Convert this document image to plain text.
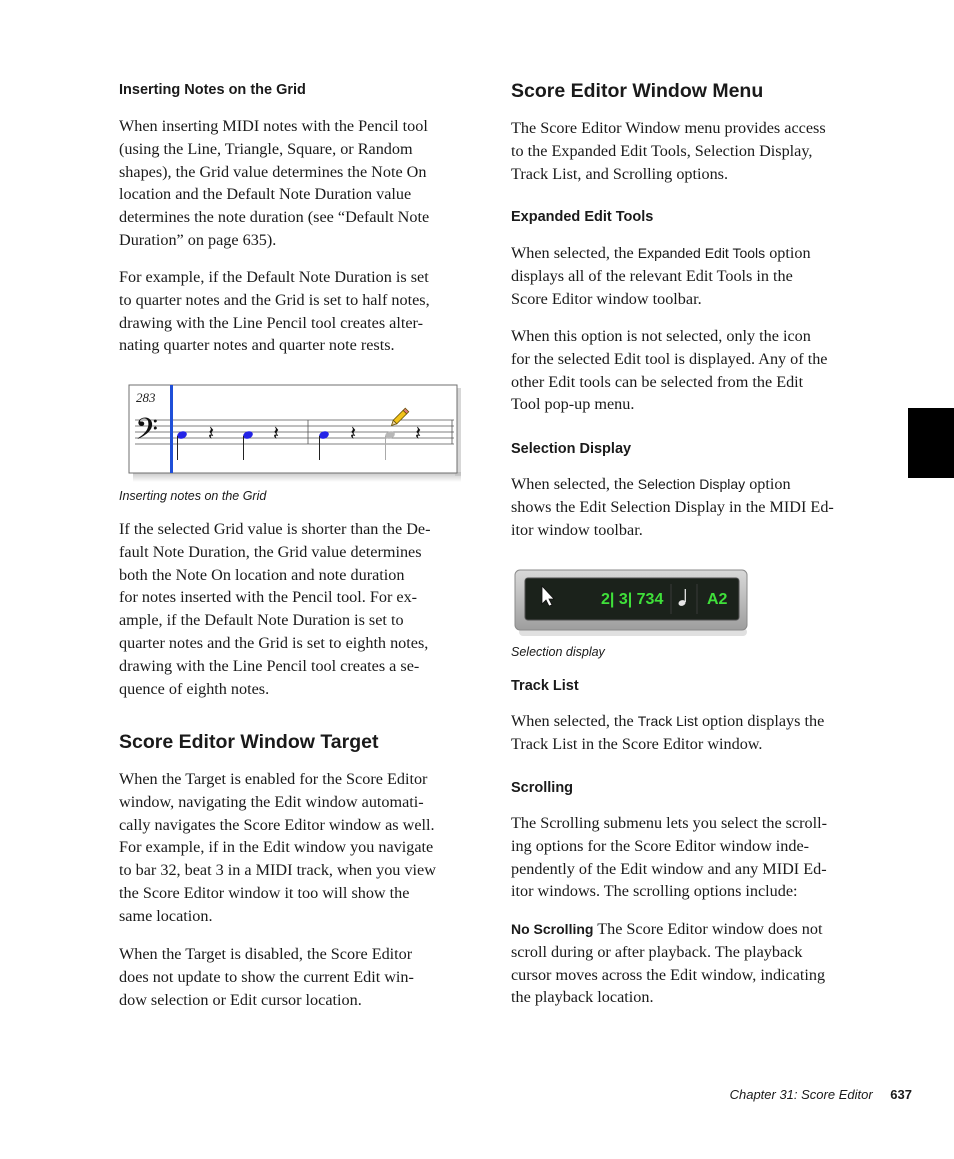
Inserting Notes on the Grid

When inserting MIDI notes with the Pencil tool
(using the Line, Triangle, Square, or Random
shapes), the Grid value determines the Note On
location and the Default Note Duration value
determines the note duration (see “Default Note
Duration” on page 635).

For example, if the Default Note Duration is set
to quarter notes and the Grid is set to half notes,
drawing with the Line Pencil tool creates alter-
nating quarter notes and quarter note rests.

283
𝄢 𝄽	𝄽	𝄽	𝄽

Inserting notes on the Grid

If the selected Grid value is shorter than the De-
fault Note Duration, the Grid value determines
both the Note On location and note duration
for notes inserted with the Pencil tool. For ex-
ample, if the Default Note Duration is set to
quarter notes and the Grid is set to eighth notes,
drawing with the Line Pencil tool creates a se-
quence of eighth notes.

Score Editor Window Target

When the Target is enabled for the Score Editor
window, navigating the Edit window automati-
cally navigates the Score Editor window as well.
For example, if in the Edit window you navigate
to bar 32, beat 3 in a MIDI track, when you view
the Score Editor window it too will show the
same location.

When the Target is disabled, the Score Editor
does not update to show the current Edit win-
dow selection or Edit cursor location.

Score Editor Window Menu

The Score Editor Window menu provides access
to the Expanded Edit Tools, Selection Display,
Track List, and Scrolling options.

Expanded Edit Tools

When selected, the Expanded Edit Tools option
displays all of the relevant Edit Tools in the
Score Editor window toolbar.

When this option is not selected, only the icon
for the selected Edit tool is displayed. Any of the
other Edit tools can be selected from the Edit
Tool pop-up menu.

Selection Display

When selected, the Selection Display option
shows the Edit Selection Display in the MIDI Ed-
itor window toolbar.

2| 3| 734	A2

Selection display

Track List

When selected, the Track List option displays the
Track List in the Score Editor window.

Scrolling

The Scrolling submenu lets you select the scroll-
ing options for the Score Editor window inde-
pendently of the Edit window and any MIDI Ed-
itor windows. The scrolling options include:

No Scrolling The Score Editor window does not
scroll during or after playback. The playback
cursor moves across the Edit window, indicating
the playback location.

Chapter 31: Score Editor 637
